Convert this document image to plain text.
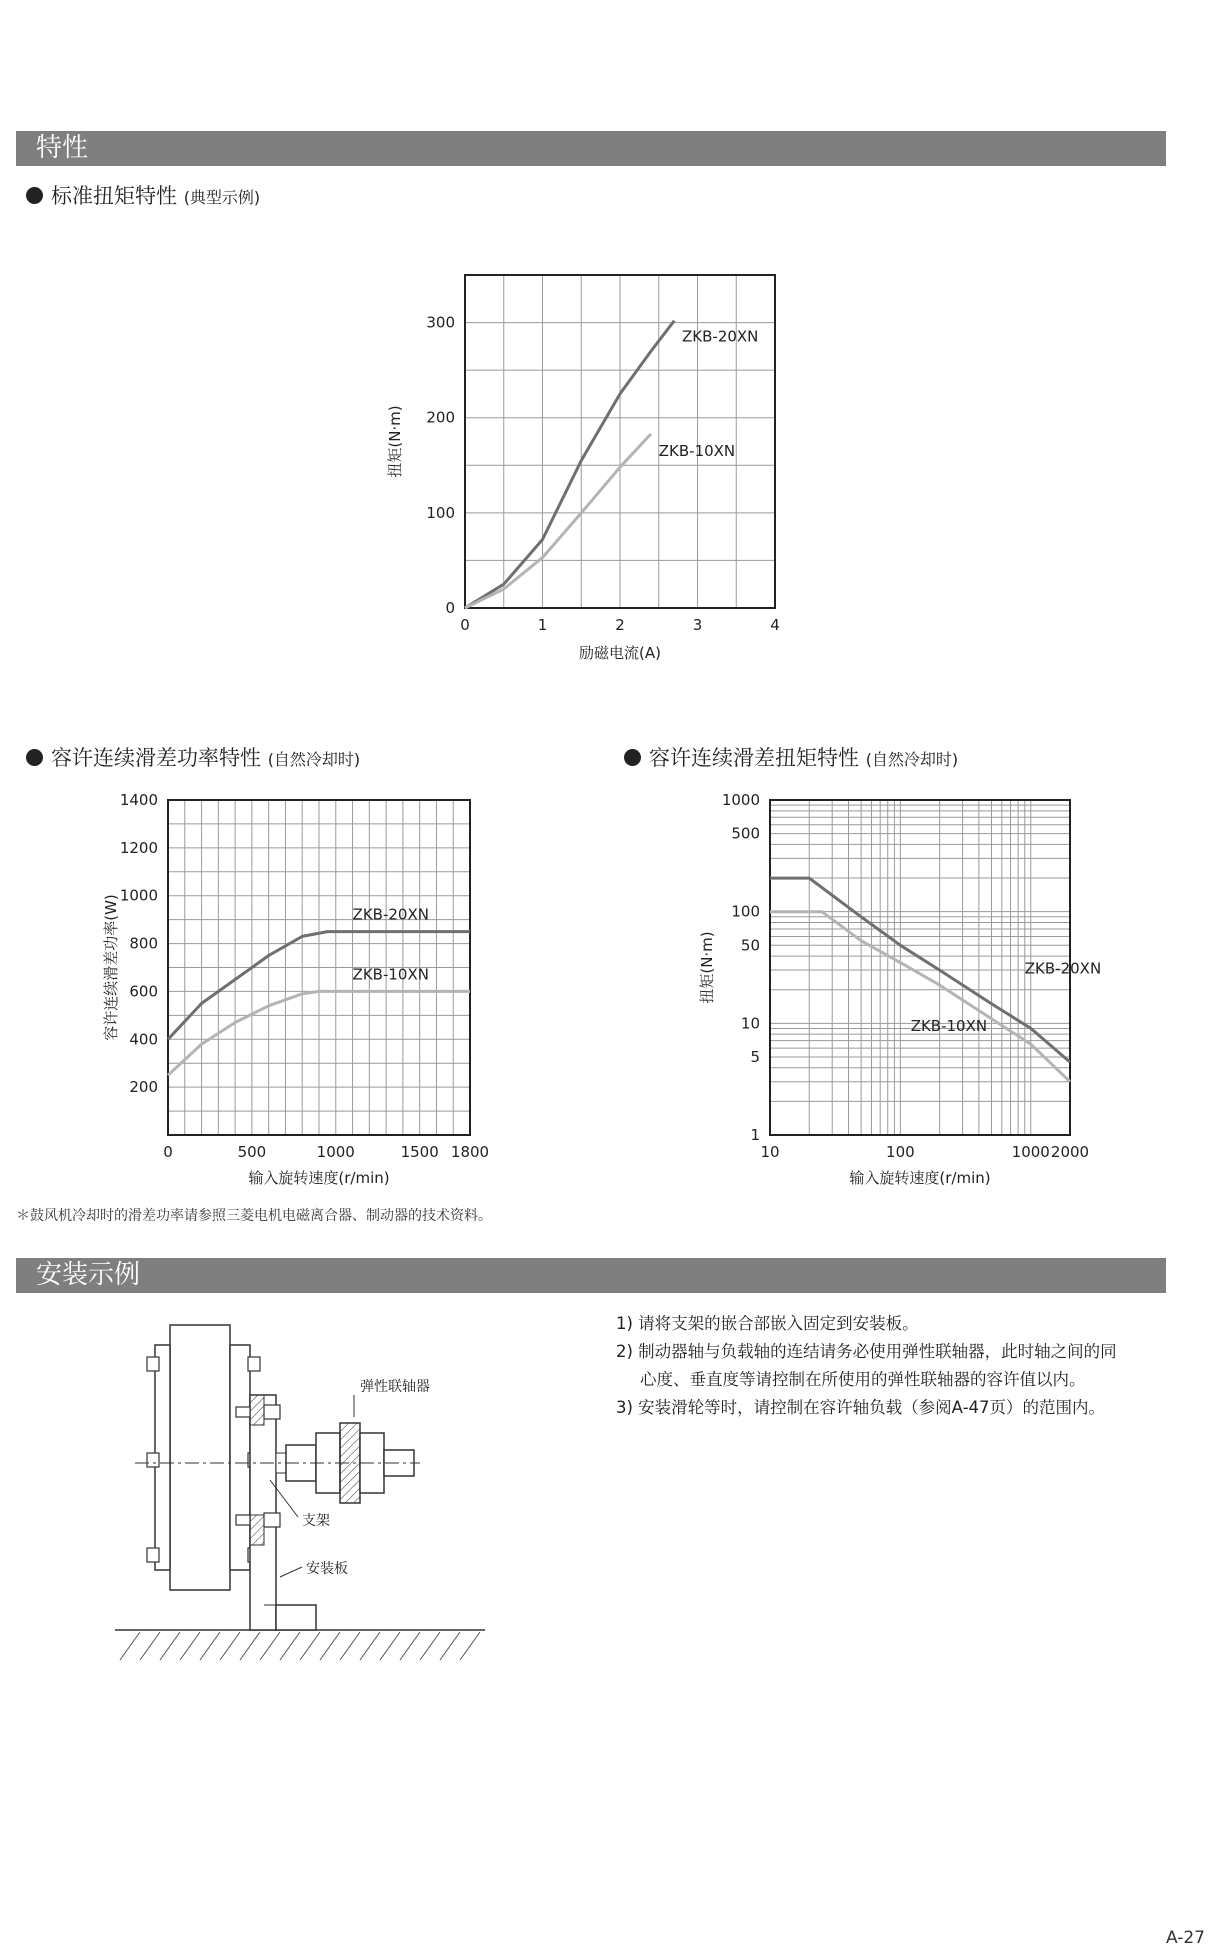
特性
标准扭矩特性 (典型示例)
0	1	2	3	4
0
100
200
300
励磁电流(A)
扭矩(N·m)
ZKB-20XN
ZKB-10XN
容许连续滑差功率特性 (自然冷却时)	容许连续滑差扭矩特性 (自然冷却时)
0	500	1000	1500 1800
200
400
600
800
1000
1200
1400
输入旋转速度(r/min)
容许连续滑差功率(W)	ZKB-20XN
ZKB-10XN
10	100	1000 2000
1
5
10
50
100
500
1000
输入旋转速度(r/min)
扭矩(N·m)	ZKB-20XN
ZKB-10XN
＊鼓风机冷却时的滑差功率请参照三菱电机电磁离合器、制动器的技术资料。
安装示例
弹性联轴器
支架
安装板

1) 请将支架的嵌合部嵌入固定到安装板。

2) 制动器轴与负载轴的连结请务必使用弹性联轴器，此时轴之间的同

心度、垂直度等请控制在所使用的弹性联轴器的容许值以内。

3) 安装滑轮等时，请控制在容许轴负载（参阅A-47页）的范围内。

A-27
